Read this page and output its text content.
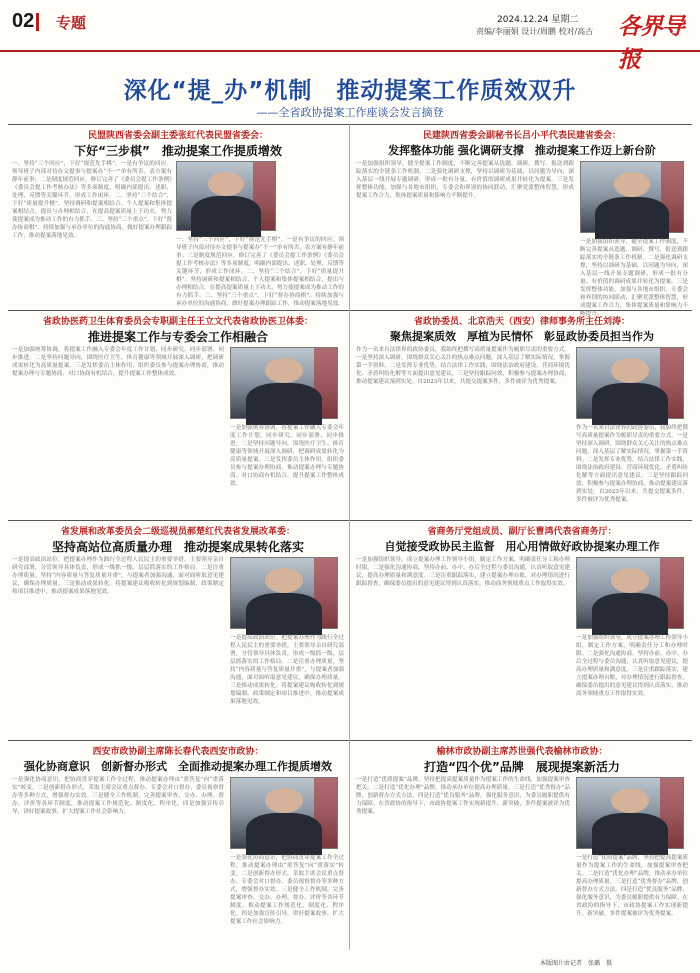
02 专题	2024.12.24 星期二
责编/李丽娟 设计/周鹏 校对/高古 各界导报
深化“提_办”机制　推动提案工作质效双升
——全省政协提案工作座谈会发言摘登
民盟陕西省委会副主委张红代表民盟省委会：
下好“三步棋”　推动提案工作提质增效
一、坚持“三个回应”，下好“规范先手棋”。一是有争议的回应。领导班子内部对待办文提事与提案办“不一”单有所否，表方案有静年前事；二是制度规范回应。修订完善了《委员会提工作条例》《委员会提工作考核办法》等多项制度，明确内部提出、述职、处理、反馈等关键环节，形成工作闭环。二、坚持“三个结合”，下好“质量提升棋”。坚持调研和提案相结合、个人提案和集体提案相结合，提出与办理相结合，在提高提案质量上下功夫，努力使提案成为推动工作的有力抓手。三、坚持“三个重点”，下好“督办协商棋”。持续加强与承办单位的沟通协商，做好提案办理跟踪工作，推动提案落地见效。
一、坚持“三个回应”，下好“规范先手棋”。一是有争议的回应。领导班子内部对待办文提事与提案办“不一”单有所否，表方案有静年前事；二是制度规范回应。修订完善了《委员会提工作条例》《委员会提工作考核办法》等多项制度，明确内部提出、述职、处理、反馈等关键环节，形成工作闭环。二、坚持“三个结合”，下好“质量提升棋”。坚持调研和提案相结合、个人提案和集体提案相结合，提出与办理相结合，在提高提案质量上下功夫，努力使提案成为推动工作的有力抓手。三、坚持“三个重点”，下好“督办协商棋”。持续加强与承办单位的沟通协商，做好提案办理跟踪工作，推动提案落地见效。
民建陕西省委会副秘书长吕小平代表民建省委会：
发挥整体功能 强化调研支撑　推动提案工作迈上新台阶
一是加强组织领导，健全提案工作制度，不断完善提案从选题、调研、撰写、报送到跟踪落实的全链条工作机制。二是强化调研支撑，坚持以调研为基础，以问题为导向，深入基层一线开展专题调研，形成一批有分量、有价值的调研成果并转化为提案。三是发挥整体功能，加强与各地市组织、专委会和界别的协同联动，汇聚党派整体智慧，形成提案工作合力，集体提案质量和影响力不断提升。
一是加强组织领导，健全提案工作制度，不断完善提案从选题、调研、撰写、报送到跟踪落实的全链条工作机制。二是强化调研支撑，坚持以调研为基础，以问题为导向，深入基层一线开展专题调研，形成一批有分量、有价值的调研成果并转化为提案。三是发挥整体功能，加强与各地市组织、专委会和界别的协同联动，汇聚党派整体智慧，形成提案工作合力，集体提案质量和影响力不断提升。
省政协医药卫生体育委员会专职副主任王立文代表省政协医卫体委：
推进提案工作与专委会工作相融合
一是加强统筹协调，将提案工作融入专委会年度工作计划，同步研究、同步部署、同步推进。二是坚持问题导向，围绕医疗卫生、体育健康等领域开展深入调研，把调研成果转化为高质量提案。三是发挥委员主体作用，组织委员参与提案办理协商，推动提案办理与专题协商、对口协商有机结合，提升提案工作整体成效。
一是加强统筹协调，将提案工作融入专委会年度工作计划，同步研究、同步部署、同步推进。二是坚持问题导向，围绕医疗卫生、体育健康等领域开展深入调研，把调研成果转化为高质量提案。三是发挥委员主体作用，组织委员参与提案办理协商，推动提案办理与专题协商、对口协商有机结合，提升提案工作整体成效。
省政协委员、北京浩天（西安）律师事务所主任刘涛：
聚焦提案质效　厚植为民情怀　彰显政协委员担当作为
作为一名来自法律界的政协委员，我始终把撰写高质量提案作为履职尽责的重要方式。一是坚持深入调研，围绕群众关心关注的热点难点问题，深入基层了解实际情况，掌握第一手资料。二是发挥专业优势，结合法律工作实践，围绕法治政府建设、营商环境优化、矛盾纠纷化解等方面提出意见建议。三是坚持跟踪问效，积极参与提案办理协商，推动提案建议落到实处。自2023年以来，共提交提案多件，多件被评为优秀提案。
作为一名来自法律界的政协委员，我始终把撰写高质量提案作为履职尽责的重要方式。一是坚持深入调研，围绕群众关心关注的热点难点问题，深入基层了解实际情况，掌握第一手资料。二是发挥专业优势，结合法律工作实践，围绕法治政府建设、营商环境优化、矛盾纠纷化解等方面提出意见建议。三是坚持跟踪问效，积极参与提案办理协商，推动提案建议落到实处。自2023年以来，共提交提案多件，多件被评为优秀提案。
省发展和改革委员会二级巡视员郝楚红代表省发展改革委：
坚持高站位高质量办理　推动提案成果转化落实
一是提高政治站位。把提案办理作为践行全过程人民民主的重要举措，主要领导亲自研究部署，分管领导具体负责，形成一级抓一级、层层抓落实的工作格局。二是注重办理质量。坚持“内容质量与答复质量并重”，与提案者加强沟通，面对面听取意见建议，确保办理质量。三是推动成果转化。将提案建议吸收转化到规划编制、政策制定和项目推进中，推动提案成果落地见效。
一是提高政治站位。把提案办理作为践行全过程人民民主的重要举措，主要领导亲自研究部署，分管领导具体负责，形成一级抓一级、层层抓落实的工作格局。二是注重办理质量。坚持“内容质量与答复质量并重”，与提案者加强沟通，面对面听取意见建议，确保办理质量。三是推动成果转化。将提案建议吸收转化到规划编制、政策制定和项目推进中，推动提案成果落地见效。
省商务厅党组成员、副厅长曹鸿代表省商务厅：
自觉接受政协民主监督　用心用情做好政协提案办理工作
一是加强组织领导，成立提案办理工作领导小组，制定工作方案，明确责任分工和办理时限。二是强化沟通协商，坚持办前、办中、办后全过程与委员沟通，认真听取意见建议，提高办理质量和满意度。三是注重跟踪落实，建立提案办理台账，对办理情况进行跟踪督查，确保委员提出的意见建议得到认真落实，推动商务领域重点工作取得实效。
一是加强组织领导，成立提案办理工作领导小组，制定工作方案，明确责任分工和办理时限。二是强化沟通协商，坚持办前、办中、办后全过程与委员沟通，认真听取意见建议，提高办理质量和满意度。三是注重跟踪落实，建立提案办理台账，对办理情况进行跟踪督查，确保委员提出的意见建议得到认真落实，推动商务领域重点工作取得实效。
西安市政协副主席陈长春代表西安市政协：
强化协商意识　创新督办形式　全面推动提案办理工作提质增效
一是强化协商意识，把协商贯穿提案工作全过程，推动提案办理由“重答复”向“重落实”转变。二是创新督办形式，采取主席会议重点督办、专委会对口督办、委员视察督办等多种方式，增强督办实效。三是健全工作机制，完善提案审查、交办、办理、督办、评价等各环节制度，推动提案工作规范化、制度化、程序化。四是加强宣传引导，讲好提案故事，扩大提案工作社会影响力。
一是强化协商意识，把协商贯穿提案工作全过程，推动提案办理由“重答复”向“重落实”转变。二是创新督办形式，采取主席会议重点督办、专委会对口督办、委员视察督办等多种方式，增强督办实效。三是健全工作机制，完善提案审查、交办、办理、督办、评价等各环节制度，推动提案工作规范化、制度化、程序化。四是加强宣传引导，讲好提案故事，扩大提案工作社会影响力。
榆林市政协副主席苏世强代表榆林市政协：
打造“四个优”品牌　展现提案新活力
一是打造“优质提案”品牌，坚持把提高提案质量作为提案工作的生命线，加强提案审查把关。二是打造“优化办理”品牌，推动承办单位提高办理质量。三是打造“优秀督办”品牌，创新督办方式方法。四是打造“优良服务”品牌，强化服务意识，为委员履职提供有力保障。在省政协的指导下，市政协提案工作实现新提升、新突破，多件提案被评为优秀提案。
一是打造“优质提案”品牌，坚持把提高提案质量作为提案工作的生命线，加强提案审查把关。二是打造“优化办理”品牌，推动承办单位提高办理质量。三是打造“优秀督办”品牌，创新督办方式方法。四是打造“优良服务”品牌，强化服务意识，为委员履职提供有力保障。在省政协的指导下，市政协提案工作实现新提升、新突破，多件提案被评为优秀提案。
本版图片由记者　张璐　摄
